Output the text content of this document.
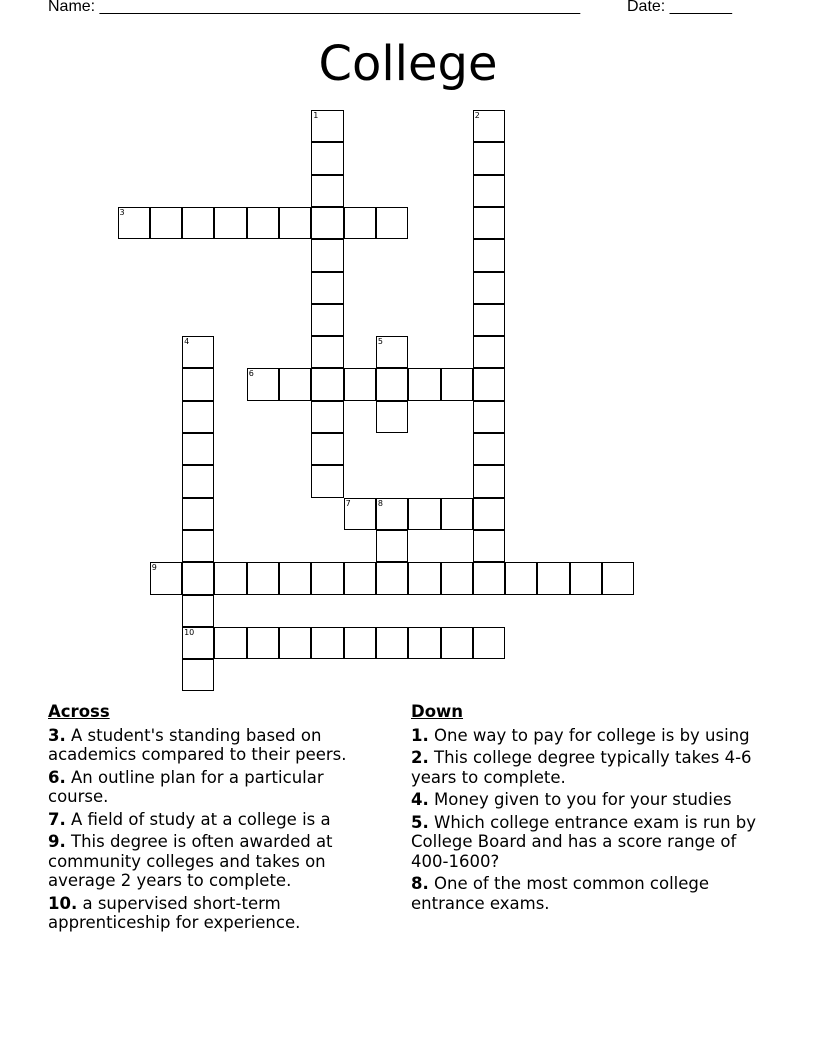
Name: ______________________________________________________	Date: _______
College
1	2
3
4	5
6
7	8
9
10
Across
3. A student's standing based on academics compared to their peers.
6. An outline plan for a particular course.
7. A field of study at a college is a
9. This degree is often awarded at community colleges and takes on average 2 years to complete.
10. a supervised short-term apprenticeship for experience.
Down
1. One way to pay for college is by using
2. This college degree typically takes 4-6 years to complete.
4. Money given to you for your studies
5. Which college entrance exam is run by College Board and has a score range of 400-1600?
8. One of the most common college entrance exams.
